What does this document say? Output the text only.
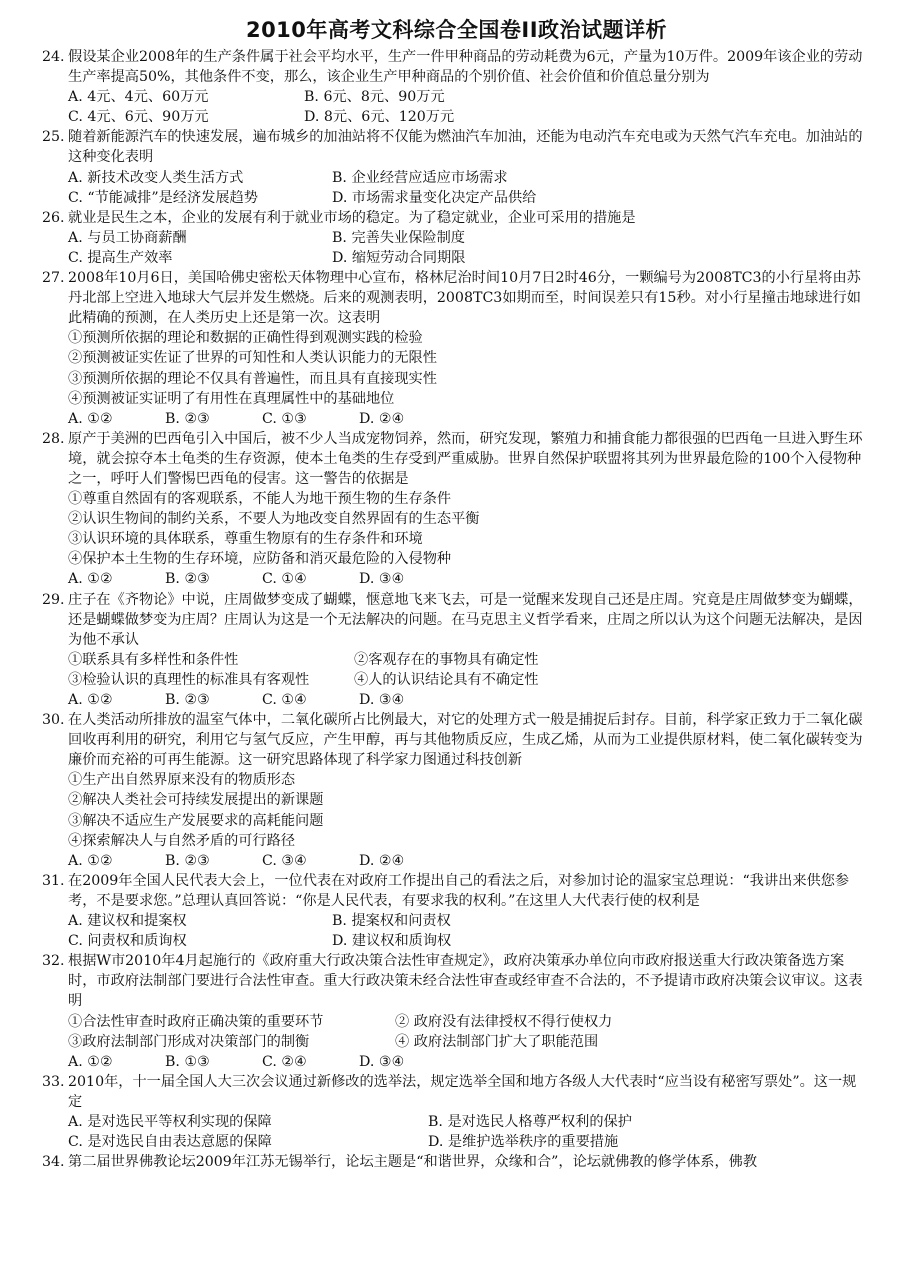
2010年高考文科综合全国卷II政治试题详析
24. 假设某企业2008年的生产条件属于社会平均水平，生产一件甲种商品的劳动耗费为6元，产量为10万件。2009年该企业的劳动生产率提高50%，其他条件不变，那么，该企业生产甲种商品的个别价值、社会价值和价值总量分别为
A. 4元、4元、60万元	B. 6元、8元、90万元
C. 4元、6元、90万元	D. 8元、6元、120万元
25. 随着新能源汽车的快速发展，遍布城乡的加油站将不仅能为燃油汽车加油，还能为电动汽车充电或为天然气汽车充电。加油站的这种变化表明
A. 新技术改变人类生活方式	B. 企业经营应适应市场需求
C. “节能减排”是经济发展趋势	D. 市场需求量变化决定产品供给
26. 就业是民生之本，企业的发展有利于就业市场的稳定。为了稳定就业，企业可采用的措施是
A. 与员工协商薪酬	B. 完善失业保险制度
C. 提高生产效率	D. 缩短劳动合同期限
27. 2008年10月6日，美国哈佛史密松天体物理中心宣布，格林尼治时间10月7日2时46分，一颗编号为2008TC3的小行星将由苏丹北部上空进入地球大气层并发生燃烧。后来的观测表明，2008TC3如期而至，时间误差只有15秒。对小行星撞击地球进行如此精确的预测，在人类历史上还是第一次。这表明
①预测所依据的理论和数据的正确性得到观测实践的检验
②预测被证实佐证了世界的可知性和人类认识能力的无限性
③预测所依据的理论不仅具有普遍性，而且具有直接现实性
④预测被证实证明了有用性在真理属性中的基础地位
A. ①②	B. ②③	C. ①③	D. ②④
28. 原产于美洲的巴西龟引入中国后，被不少人当成宠物饲养，然而，研究发现，繁殖力和捕食能力都很强的巴西龟一旦进入野生环境，就会掠夺本土龟类的生存资源，使本土龟类的生存受到严重威胁。世界自然保护联盟将其列为世界最危险的100个入侵物种之一，呼吁人们警惕巴西龟的侵害。这一警告的依据是
①尊重自然固有的客观联系，不能人为地干预生物的生存条件
②认识生物间的制约关系，不要人为地改变自然界固有的生态平衡
③认识环境的具体联系，尊重生物原有的生存条件和环境
④保护本土生物的生存环境，应防备和消灭最危险的入侵物种
A. ①②	B. ②③	C. ①④	D. ③④
29. 庄子在《齐物论》中说，庄周做梦变成了蝴蝶，惬意地飞来飞去，可是一觉醒来发现自己还是庄周。究竟是庄周做梦变为蝴蝶，还是蝴蝶做梦变为庄周？庄周认为这是一个无法解决的问题。在马克思主义哲学看来，庄周之所以认为这个问题无法解决，是因为他不承认
①联系具有多样性和条件性	②客观存在的事物具有确定性
③检验认识的真理性的标准具有客观性	④人的认识结论具有不确定性
A. ①②	B. ②③	C. ①④	D. ③④
30. 在人类活动所排放的温室气体中，二氧化碳所占比例最大，对它的处理方式一般是捕捉后封存。目前，科学家正致力于二氧化碳回收再利用的研究，利用它与氢气反应，产生甲醇，再与其他物质反应，生成乙烯，从而为工业提供原材料，使二氧化碳转变为廉价而充裕的可再生能源。这一研究思路体现了科学家力图通过科技创新
①生产出自然界原来没有的物质形态
②解决人类社会可持续发展提出的新课题
③解决不适应生产发展要求的高耗能问题
④探索解决人与自然矛盾的可行路径
A. ①②	B. ②③	C. ③④	D. ②④
31. 在2009年全国人民代表大会上，一位代表在对政府工作提出自己的看法之后，对参加讨论的温家宝总理说：“我讲出来供您参考，不是要求您。”总理认真回答说：“你是人民代表，有要求我的权利。”在这里人大代表行使的权利是
A. 建议权和提案权	B. 提案权和问责权
C. 问责权和质询权	D. 建议权和质询权
32. 根据W市2010年4月起施行的《政府重大行政决策合法性审查规定》，政府决策承办单位向市政府报送重大行政决策备选方案时，市政府法制部门要进行合法性审查。重大行政决策未经合法性审查或经审查不合法的，不予提请市政府决策会议审议。这表明
①合法性审查时政府正确决策的重要环节	② 政府没有法律授权不得行使权力
③政府法制部门形成对决策部门的制衡	④ 政府法制部门扩大了职能范围
A. ①②	B. ①③	C. ②④	D. ③④
33. 2010年，十一届全国人大三次会议通过新修改的选举法，规定选举全国和地方各级人大代表时“应当设有秘密写票处”。这一规定
A. 是对选民平等权利实现的保障	B. 是对选民人格尊严权利的保护
C. 是对选民自由表达意愿的保障	D. 是维护选举秩序的重要措施
34. 第二届世界佛教论坛2009年江苏无锡举行，论坛主题是“和谐世界，众缘和合”，论坛就佛教的修学体系，佛教
